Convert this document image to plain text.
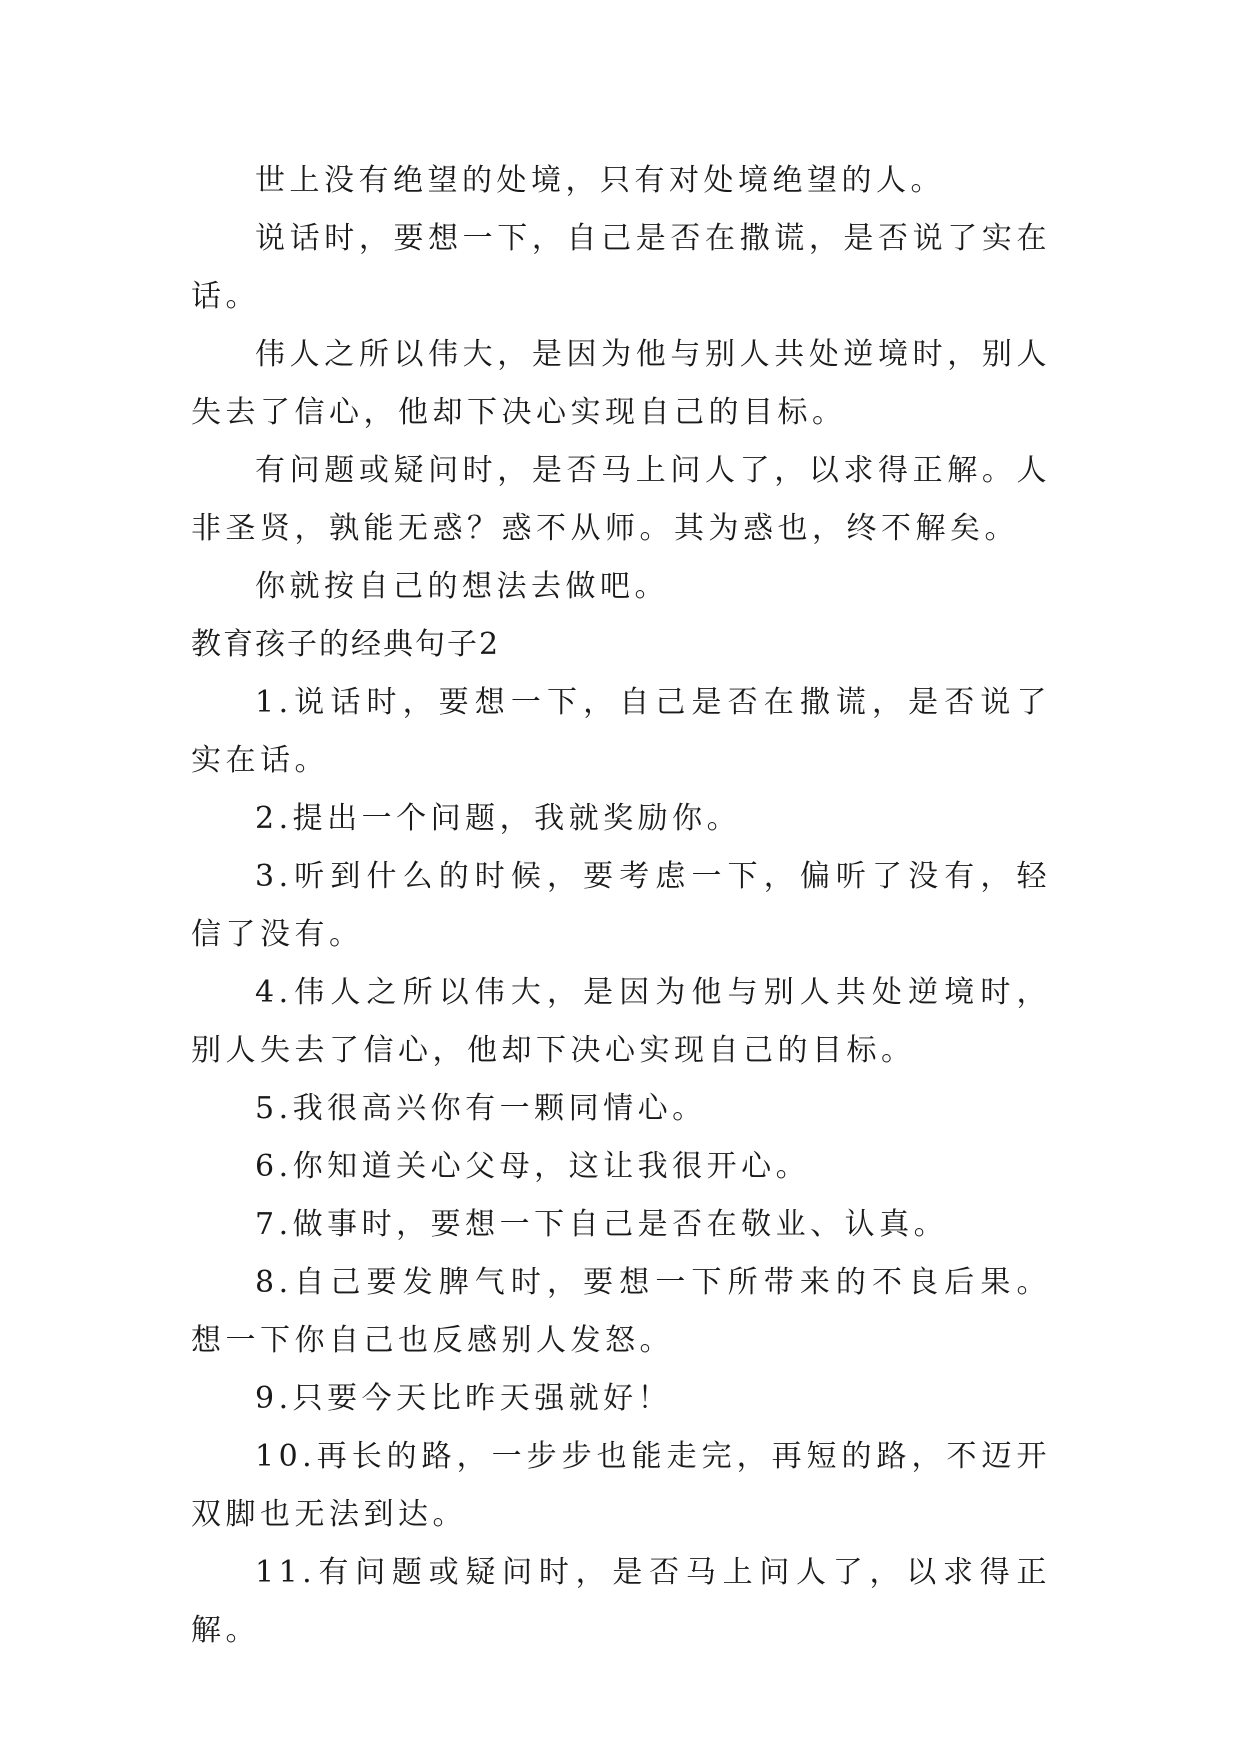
世上没有绝望的处境，只有对处境绝望的人。

说话时，要想一下，自己是否在撒谎，是否说了实在话。

伟人之所以伟大，是因为他与别人共处逆境时，别人失去了信心，他却下决心实现自己的目标。

有问题或疑问时，是否马上问人了，以求得正解。人非圣贤，孰能无惑？惑不从师。其为惑也，终不解矣。

你就按自己的想法去做吧。

教育孩子的经典句子2

1.说话时，要想一下，自己是否在撒谎，是否说了实在话。

2.提出一个问题，我就奖励你。

3.听到什么的时候，要考虑一下，偏听了没有，轻信了没有。

4.伟人之所以伟大，是因为他与别人共处逆境时，别人失去了信心，他却下决心实现自己的目标。

5.我很高兴你有一颗同情心。

6.你知道关心父母，这让我很开心。

7.做事时，要想一下自己是否在敬业、认真。

8.自己要发脾气时，要想一下所带来的不良后果。想一下你自己也反感别人发怒。

9.只要今天比昨天强就好！

10.再长的路，一步步也能走完，再短的路，不迈开双脚也无法到达。

11.有问题或疑问时，是否马上问人了，以求得正解。
